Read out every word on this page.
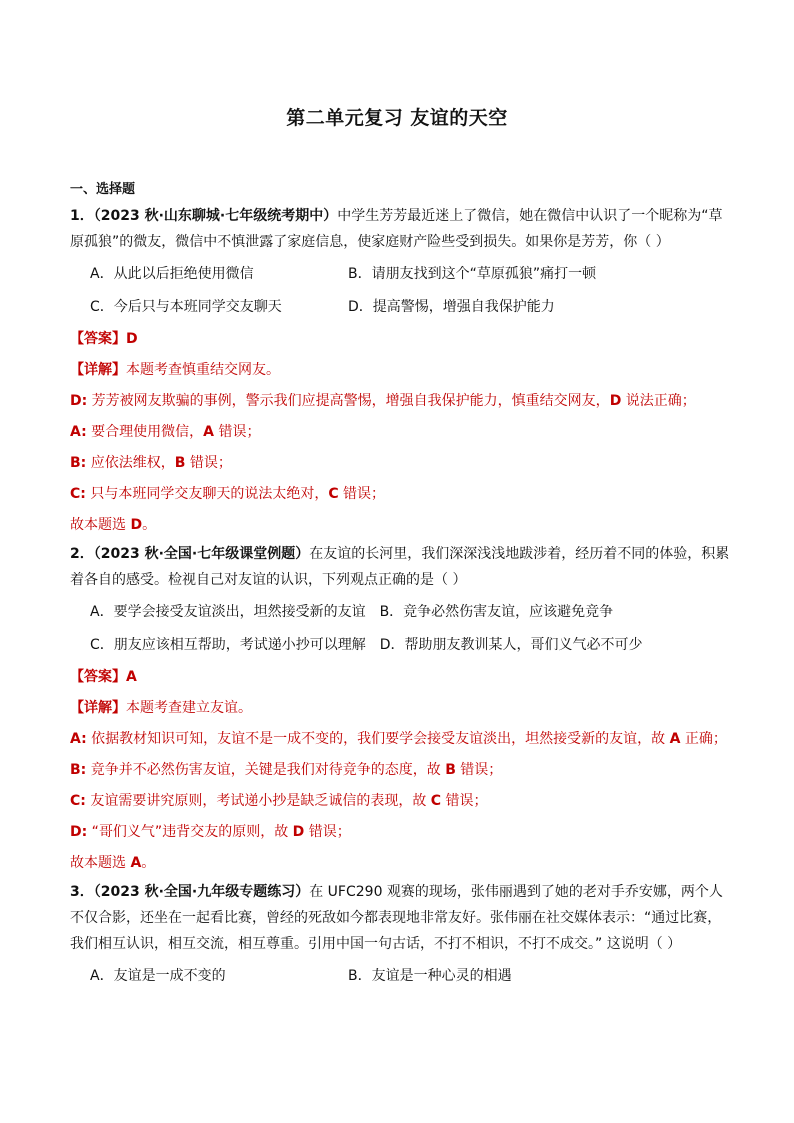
第二单元复习 友谊的天空
一、选择题

1．（2023 秋·山东聊城·七年级统考期中）中学生芳芳最近迷上了微信，她在微信中认识了一个昵称为“草原孤狼”的微友，微信中不慎泄露了家庭信息，使家庭财产险些受到损失。如果你是芳芳，你（ ）

A．从此以后拒绝使用微信	B．请朋友找到这个“草原孤狼”痛打一顿
C．今后只与本班同学交友聊天	D．提高警惕，增强自我保护能力
【答案】D
【详解】本题考查慎重结交网友。
D: 芳芳被网友欺骗的事例，警示我们应提高警惕，增强自我保护能力，慎重结交网友，D 说法正确；
A: 要合理使用微信，A 错误；
B: 应依法维权，B 错误；
C: 只与本班同学交友聊天的说法太绝对，C 错误；
故本题选 D。

2．（2023 秋·全国·七年级课堂例题）在友谊的长河里，我们深深浅浅地跋涉着，经历着不同的体验，积累着各自的感受。检视自己对友谊的认识，下列观点正确的是（ ）

A．要学会接受友谊淡出，坦然接受新的友谊 B．竞争必然伤害友谊，应该避免竞争
C．朋友应该相互帮助，考试递小抄可以理解 D．帮助朋友教训某人，哥们义气必不可少
【答案】A
【详解】本题考查建立友谊。
A: 依据教材知识可知，友谊不是一成不变的，我们要学会接受友谊淡出，坦然接受新的友谊，故 A 正确；
B: 竞争并不必然伤害友谊，关键是我们对待竞争的态度，故 B 错误；
C: 友谊需要讲究原则，考试递小抄是缺乏诚信的表现，故 C 错误；
D: “哥们义气”违背交友的原则，故 D 错误；
故本题选 A。

3．（2023 秋·全国·九年级专题练习）在 UFC290 观赛的现场，张伟丽遇到了她的老对手乔安娜，两个人不仅合影，还坐在一起看比赛，曾经的死敌如今都表现地非常友好。张伟丽在社交媒体表示：“通过比赛，我们相互认识，相互交流，相互尊重。引用中国一句古话，不打不相识，不打不成交。” 这说明（ ）

A．友谊是一成不变的	B．友谊是一种心灵的相遇
